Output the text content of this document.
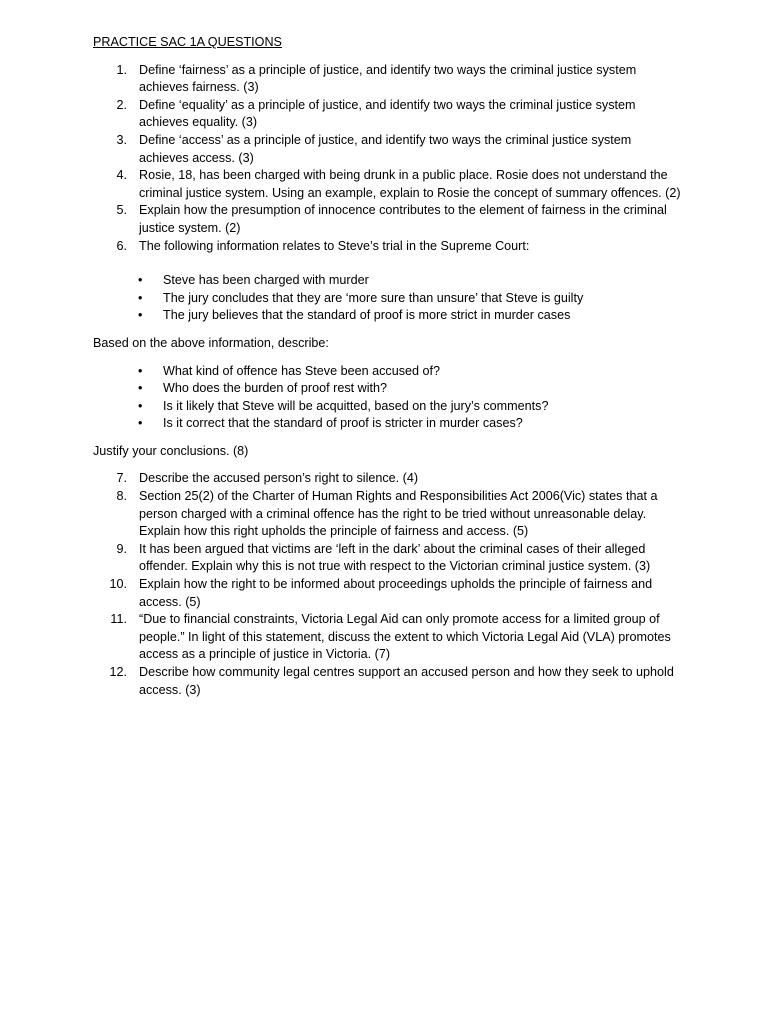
PRACTICE SAC 1A QUESTIONS
1. Define ‘fairness’ as a principle of justice, and identify two ways the criminal justice system achieves fairness. (3)
2. Define ‘equality’ as a principle of justice, and identify two ways the criminal justice system achieves equality. (3)
3. Define ‘access’ as a principle of justice, and identify two ways the criminal justice system achieves access. (3)
4. Rosie, 18, has been charged with being drunk in a public place. Rosie does not understand the criminal justice system. Using an example, explain to Rosie the concept of summary offences. (2)
5. Explain how the presumption of innocence contributes to the element of fairness in the criminal justice system. (2)
6. The following information relates to Steve’s trial in the Supreme Court:
• Steve has been charged with murder
• The jury concludes that they are ‘more sure than unsure’ that Steve is guilty
• The jury believes that the standard of proof is more strict in murder cases
Based on the above information, describe:
• What kind of offence has Steve been accused of?
• Who does the burden of proof rest with?
• Is it likely that Steve will be acquitted, based on the jury’s comments?
• Is it correct that the standard of proof is stricter in murder cases?
Justify your conclusions. (8)
7. Describe the accused person’s right to silence. (4)
8. Section 25(2) of the Charter of Human Rights and Responsibilities Act 2006(Vic) states that a person charged with a criminal offence has the right to be tried without unreasonable delay. Explain how this right upholds the principle of fairness and access. (5)
9. It has been argued that victims are ‘left in the dark’ about the criminal cases of their alleged offender. Explain why this is not true with respect to the Victorian criminal justice system. (3)
10. Explain how the right to be informed about proceedings upholds the principle of fairness and access. (5)
11. “Due to financial constraints, Victoria Legal Aid can only promote access for a limited group of people.” In light of this statement, discuss the extent to which Victoria Legal Aid (VLA) promotes access as a principle of justice in Victoria. (7)
12. Describe how community legal centres support an accused person and how they seek to uphold access. (3)
